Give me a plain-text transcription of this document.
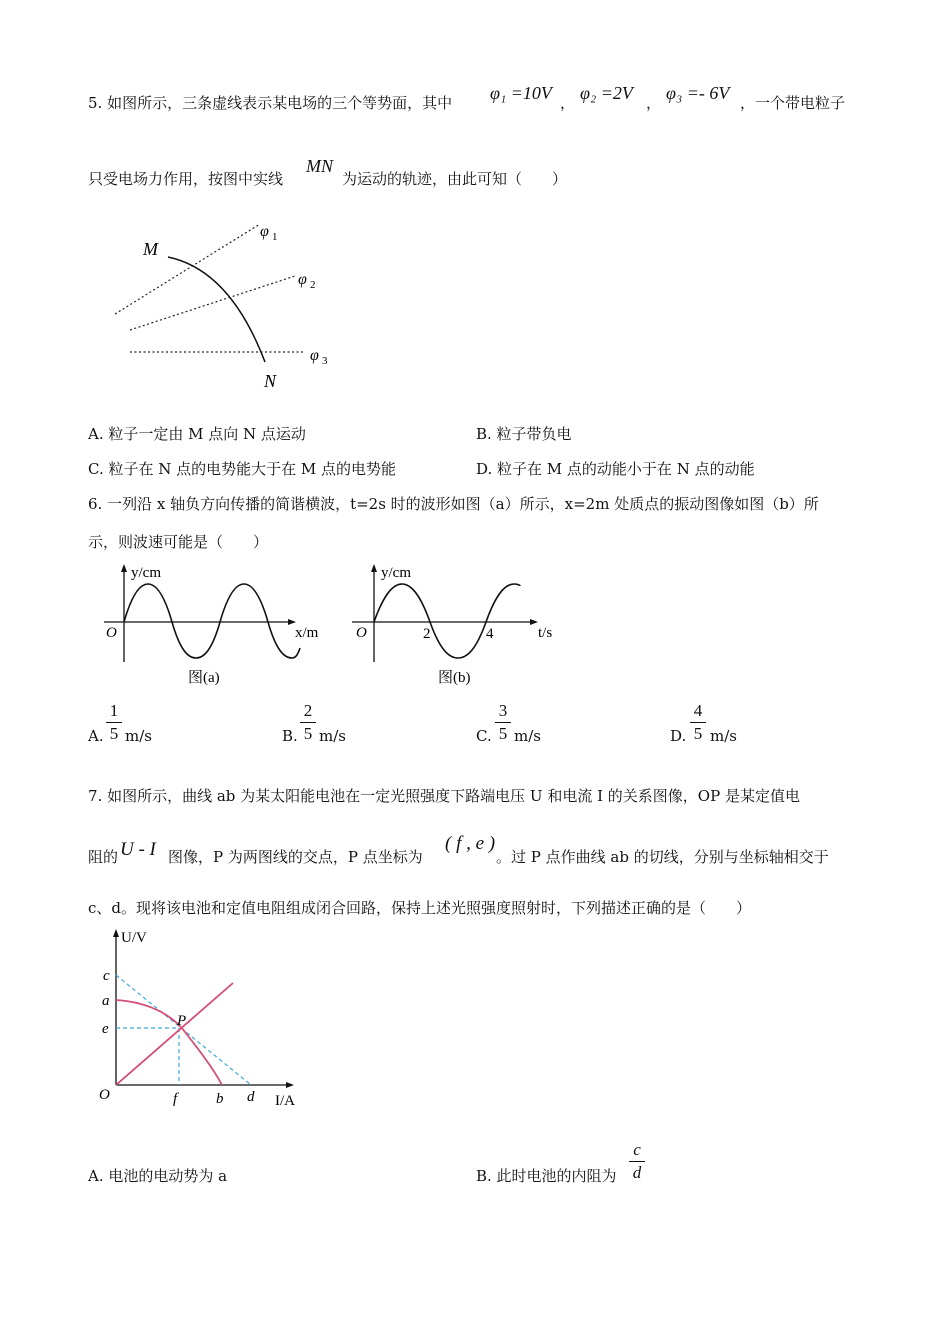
5. 如图所示，三条虚线表示某电场的三个等势面，其中 φ₁ =10V ， φ₂ =2V ， φ₃ =- 6V ，一个带电粒子
只受电场力作用，按图中实线
MN
为运动的轨迹，由此可知（　　）
M
N
φ 1
φ 2
φ 3
A. 粒子一定由 M 点向 N 点运动	B. 粒子带负电
C. 粒子在 N 点的电势能大于在 M 点的电势能	D. 粒子在 M 点的动能小于在 N 点的动能
6. 一列沿 x 轴负方向传播的简谐横波，t=2s 时的波形如图（a）所示，x=2m 处质点的振动图像如图（b）所
示，则波速可能是（　　）
y/cm
x/m
O
图(a)
y/cm
t/s
O	2	4
图(b)
A.
1
5 m/s	B.
2
5 m/s	C.
3
5 m/s	D.
4
5 m/s
7. 如图所示，曲线 ab 为某太阳能电池在一定光照强度下路端电压 U 和电流 I 的关系图像，OP 是某定值电
阻的 U - I 图像，P 为两图线的交点，P 点坐标为
( f , e )
。过 P 点作曲线 ab 的切线，分别与坐标轴相交于
c、d。现将该电池和定值电阻组成闭合回路，保持上述光照强度照射时，下列描述正确的是（　　）
U/V
I/A
O
c
a
e	P
f	b d
A. 电池的电动势为 a	B. 此时电池的内阻为
c
d
